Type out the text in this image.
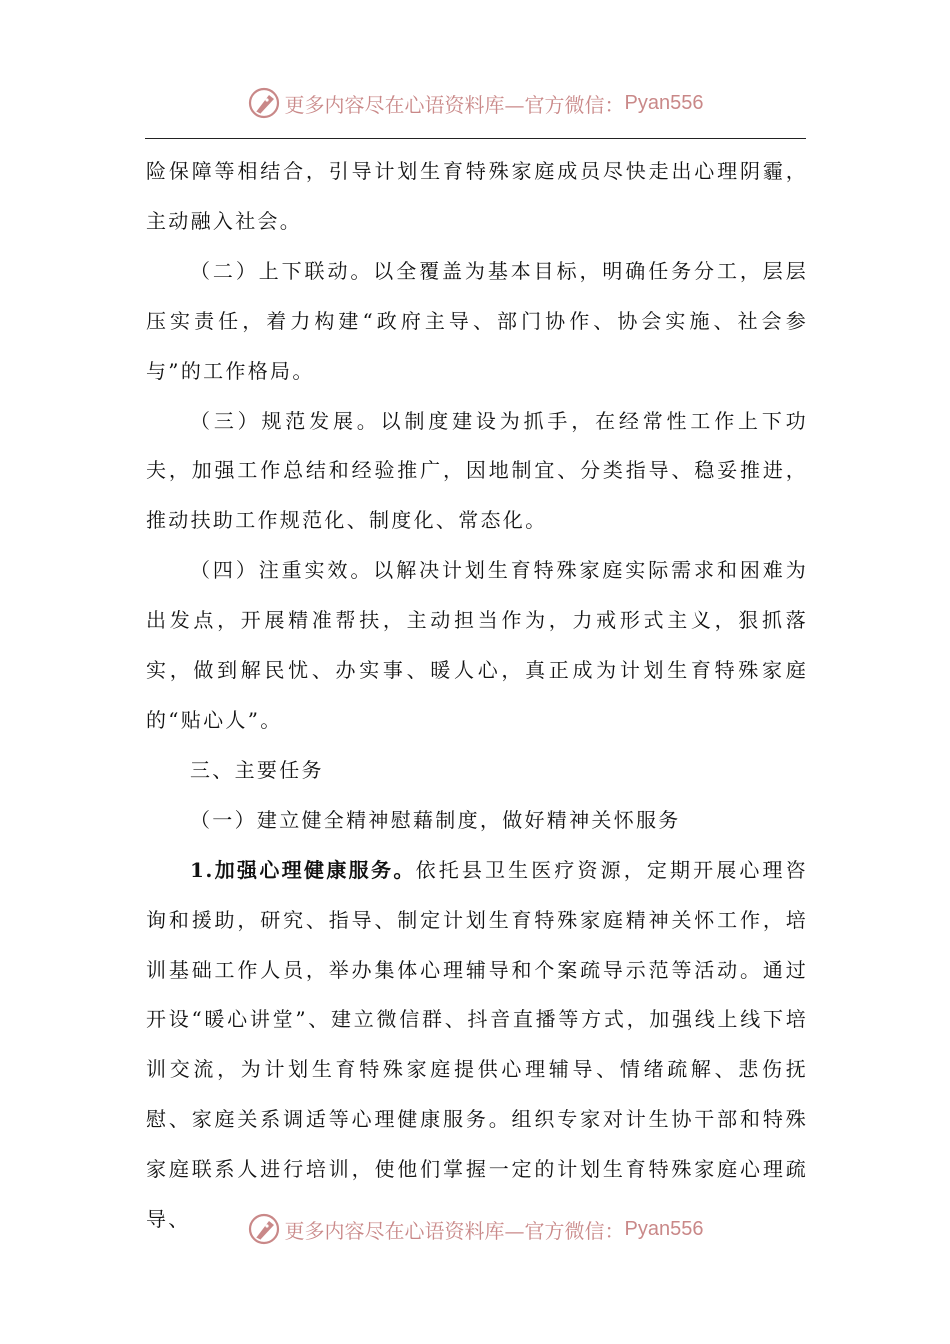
更多内容尽在心语资料库—官方微信： Pyan556

险保障等相结合，引导计划生育特殊家庭成员尽快走出心理阴霾，主动融入社会。

（二）上下联动。以全覆盖为基本目标，明确任务分工，层层压实责任，着力构建“政府主导、部门协作、协会实施、社会参与”的工作格局。

（三）规范发展。以制度建设为抓手，在经常性工作上下功夫，加强工作总结和经验推广，因地制宜、分类指导、稳妥推进，推动扶助工作规范化、制度化、常态化。

（四）注重实效。以解决计划生育特殊家庭实际需求和困难为出发点，开展精准帮扶，主动担当作为，力戒形式主义，狠抓落实，做到解民忧、办实事、暖人心，真正成为计划生育特殊家庭的“贴心人”。

三、主要任务

（一）建立健全精神慰藉制度，做好精神关怀服务

1.加强心理健康服务。依托县卫生医疗资源，定期开展心理咨询和援助，研究、指导、制定计划生育特殊家庭精神关怀工作，培训基础工作人员，举办集体心理辅导和个案疏导示范等活动。通过开设“暖心讲堂”、建立微信群、抖音直播等方式，加强线上线下培训交流，为计划生育特殊家庭提供心理辅导、情绪疏解、悲伤抚慰、家庭关系调适等心理健康服务。组织专家对计生协干部和特殊家庭联系人进行培训，使他们掌握一定的计划生育特殊家庭心理疏导、	更多内容尽在心语资料库—官方微信： Pyan556
